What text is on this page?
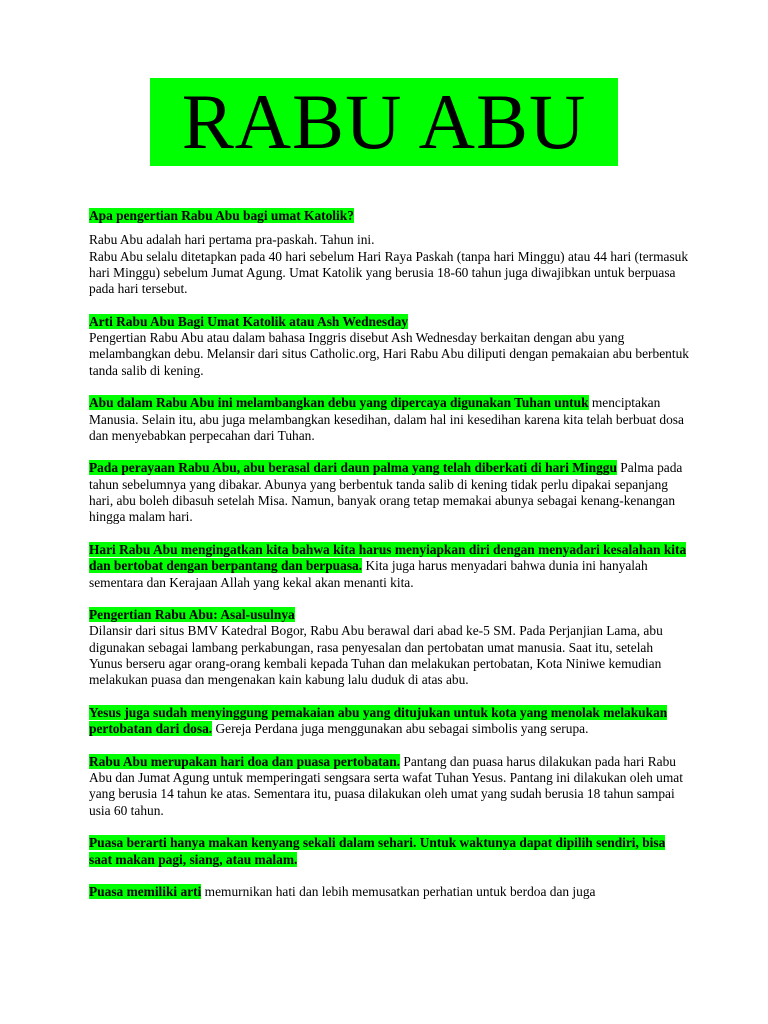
RABU ABU

Apa pengertian Rabu Abu bagi umat Katolik?

Rabu Abu adalah hari pertama pra-paskah. Tahun ini.

Rabu Abu selalu ditetapkan pada 40 hari sebelum Hari Raya Paskah (tanpa hari Minggu) atau 44 hari (termasuk hari Minggu) sebelum Jumat Agung. Umat Katolik yang berusia 18-60 tahun juga diwajibkan untuk berpuasa pada hari tersebut.

Arti Rabu Abu Bagi Umat Katolik atau Ash Wednesday

Pengertian Rabu Abu atau dalam bahasa Inggris disebut Ash Wednesday berkaitan dengan abu yang melambangkan debu. Melansir dari situs Catholic.org, Hari Rabu Abu diliputi dengan pemakaian abu berbentuk tanda salib di kening.

Abu dalam Rabu Abu ini melambangkan debu yang dipercaya digunakan Tuhan untuk menciptakan Manusia. Selain itu, abu juga melambangkan kesedihan, dalam hal ini kesedihan karena kita telah berbuat dosa dan menyebabkan perpecahan dari Tuhan.

Pada perayaan Rabu Abu, abu berasal dari daun palma yang telah diberkati di hari Minggu Palma pada tahun sebelumnya yang dibakar. Abunya yang berbentuk tanda salib di kening tidak perlu dipakai sepanjang hari, abu boleh dibasuh setelah Misa. Namun, banyak orang tetap memakai abunya sebagai kenang-kenangan hingga malam hari.

Hari Rabu Abu mengingatkan kita bahwa kita harus menyiapkan diri dengan menyadari kesalahan kita dan bertobat dengan berpantang dan berpuasa. Kita juga harus menyadari bahwa dunia ini hanyalah sementara dan Kerajaan Allah yang kekal akan menanti kita.

Pengertian Rabu Abu: Asal-usulnya

Dilansir dari situs BMV Katedral Bogor, Rabu Abu berawal dari abad ke-5 SM. Pada Perjanjian Lama, abu digunakan sebagai lambang perkabungan, rasa penyesalan dan pertobatan umat manusia. Saat itu, setelah Yunus berseru agar orang-orang kembali kepada Tuhan dan melakukan pertobatan, Kota Niniwe kemudian melakukan puasa dan mengenakan kain kabung lalu duduk di atas abu.

Yesus juga sudah menyinggung pemakaian abu yang ditujukan untuk kota yang menolak melakukan pertobatan dari dosa. Gereja Perdana juga menggunakan abu sebagai simbolis yang serupa.

Rabu Abu merupakan hari doa dan puasa pertobatan. Pantang dan puasa harus dilakukan pada hari Rabu Abu dan Jumat Agung untuk memperingati sengsara serta wafat Tuhan Yesus. Pantang ini dilakukan oleh umat yang berusia 14 tahun ke atas. Sementara itu, puasa dilakukan oleh umat yang sudah berusia 18 tahun sampai usia 60 tahun.

Puasa berarti hanya makan kenyang sekali dalam sehari. Untuk waktunya dapat dipilih sendiri, bisa saat makan pagi, siang, atau malam.

Puasa memiliki arti memurnikan hati dan lebih memusatkan perhatian untuk berdoa dan juga
